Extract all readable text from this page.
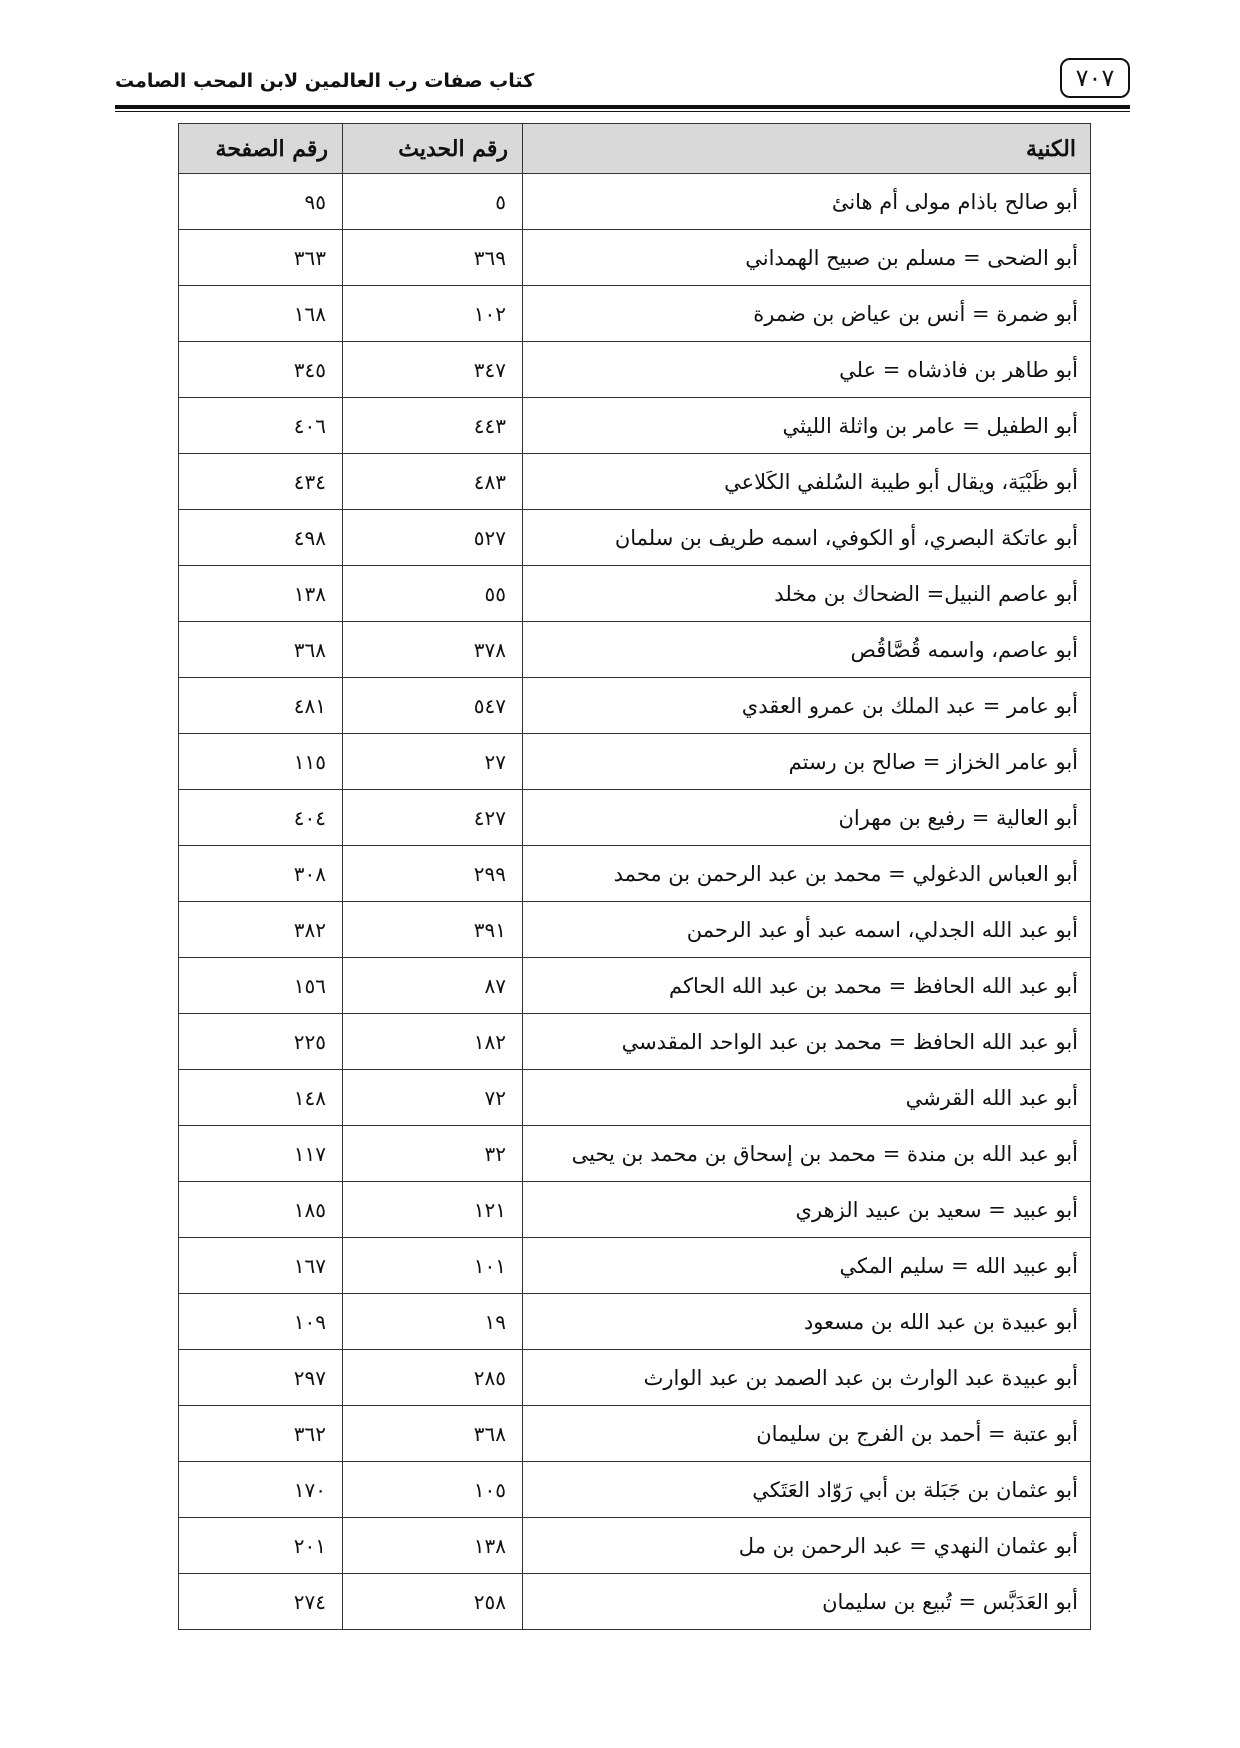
٧٠٧
كتاب صفات رب العالمين لابن المحب الصامت
الكنية	رقم الحديث	رقم الصفحة
أبو صالح باذام مولى أم هانئ	٥	٩٥
أبو الضحى = مسلم بن صبيح الهمداني	٣٦٩	٣٦٣
أبو ضمرة = أنس بن عياض بن ضمرة	١٠٢	١٦٨
أبو طاهر بن فاذشاه = علي	٣٤٧	٣٤٥
أبو الطفيل = عامر بن واثلة الليثي	٤٤٣	٤٠٦
أبو ظَبْيَة، ويقال أبو طيبة السُلفي الكَلاعي	٤٨٣	٤٣٤
أبو عاتكة البصري، أو الكوفي، اسمه طريف بن سلمان	٥٢٧	٤٩٨
أبو عاصم النبيل= الضحاك بن مخلد	٥٥	١٣٨
أبو عاصم، واسمه قُصَّاقُص	٣٧٨	٣٦٨
أبو عامر = عبد الملك بن عمرو العقدي	٥٤٧	٤٨١
أبو عامر الخزاز = صالح بن رستم	٢٧	١١٥
أبو العالية = رفيع بن مهران	٤٢٧	٤٠٤
أبو العباس الدغولي = محمد بن عبد الرحمن بن محمد	٢٩٩	٣٠٨
أبو عبد الله الجدلي، اسمه عبد أو عبد الرحمن	٣٩١	٣٨٢
أبو عبد الله الحافظ = محمد بن عبد الله الحاكم	٨٧	١٥٦
أبو عبد الله الحافظ = محمد بن عبد الواحد المقدسي	١٨٢	٢٢٥
أبو عبد الله القرشي	٧٢	١٤٨
أبو عبد الله بن مندة = محمد بن إسحاق بن محمد بن يحيى	٣٢	١١٧
أبو عبيد = سعيد بن عبيد الزهري	١٢١	١٨٥
أبو عبيد الله = سليم المكي	١٠١	١٦٧
أبو عبيدة بن عبد الله بن مسعود	١٩	١٠٩
أبو عبيدة عبد الوارث بن عبد الصمد بن عبد الوارث	٢٨٥	٢٩٧
أبو عتبة = أحمد بن الفرج بن سليمان	٣٦٨	٣٦٢
أبو عثمان بن جَبَلة بن أبي رَوّاد العَتَكي	١٠٥	١٧٠
أبو عثمان النهدي = عبد الرحمن بن مل	١٣٨	٢٠١
أبو العَدَبَّس = تُبيع بن سليمان	٢٥٨	٢٧٤
